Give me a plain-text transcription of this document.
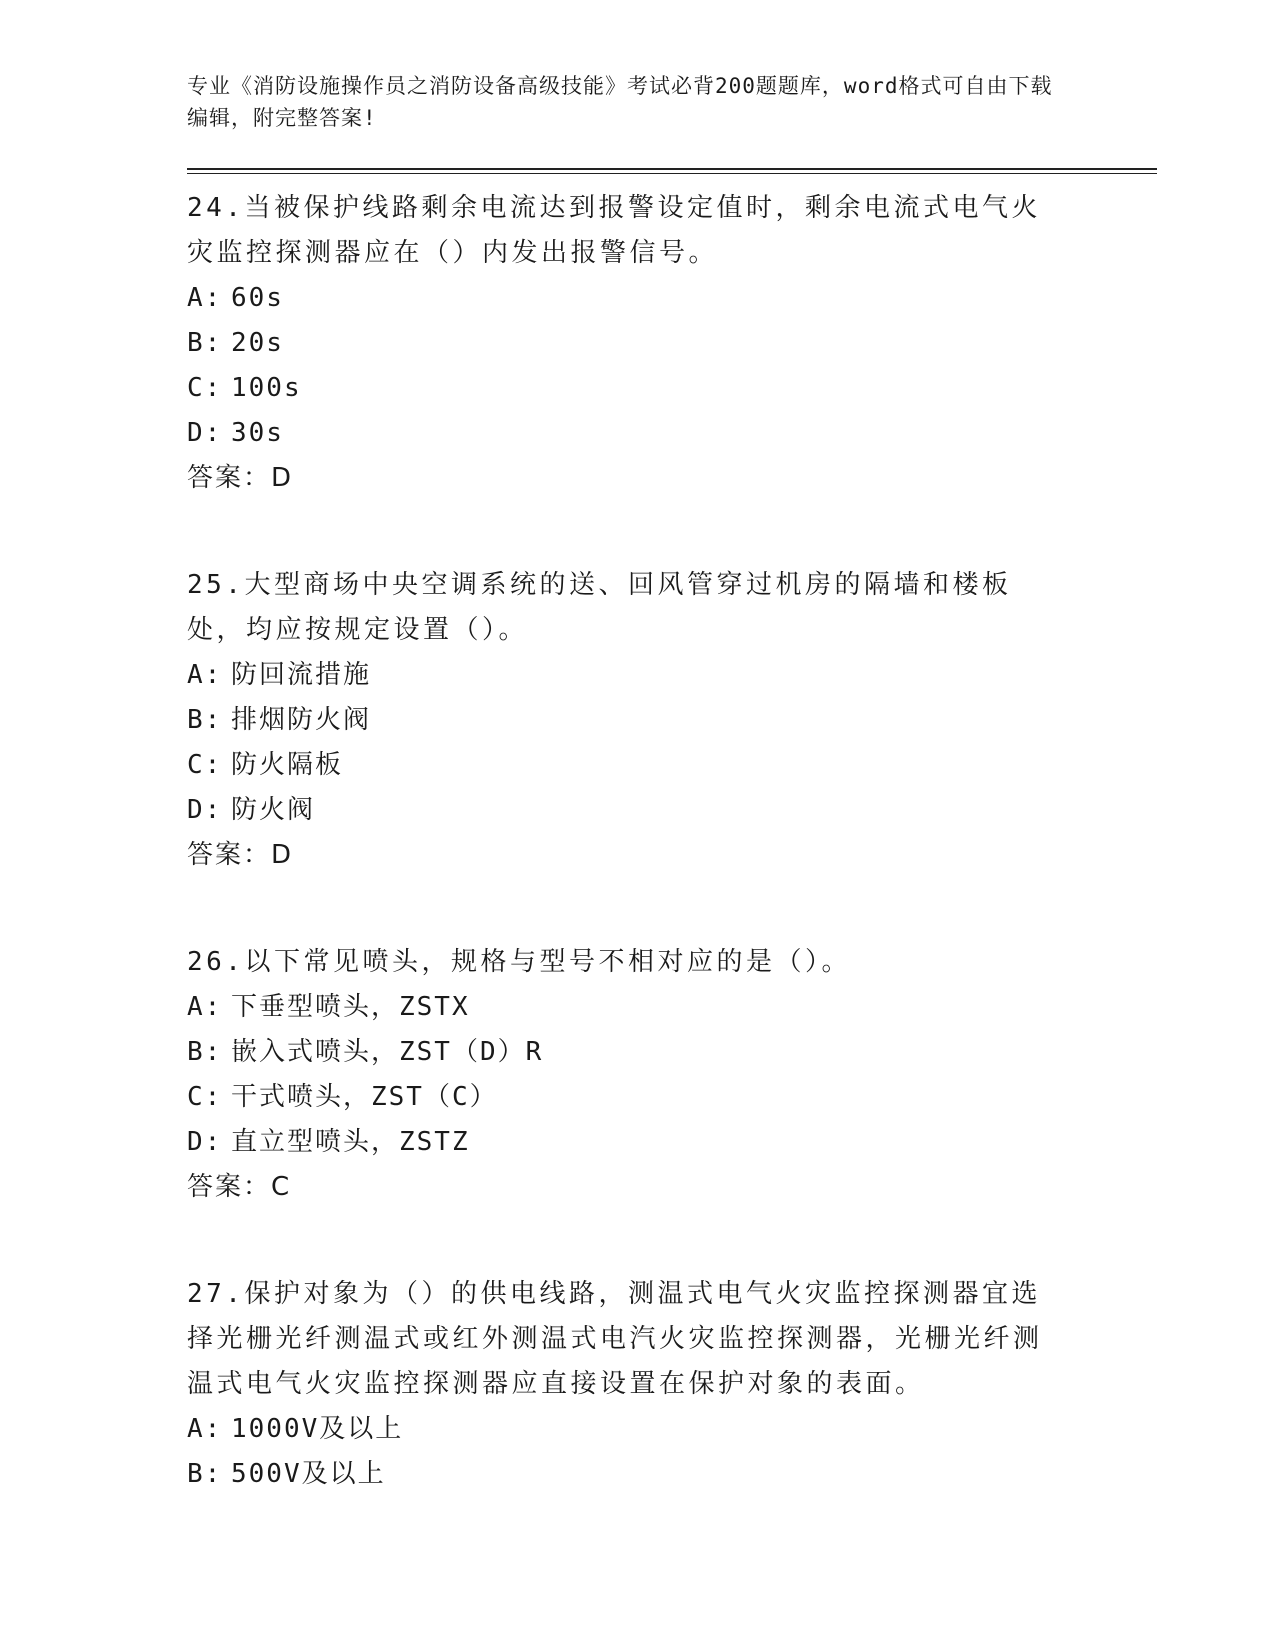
专业《消防设施操作员之消防设备高级技能》考试必背200题题库，word格式可自由下载编辑，附完整答案!
24.当被保护线路剩余电流达到报警设定值时，剩余电流式电气火灾监控探测器应在（）内发出报警信号。
A: 60s
B: 20s
C: 100s
D: 30s
答案：D
25.大型商场中央空调系统的送、回风管穿过机房的隔墙和楼板处，均应按规定设置（）。
A: 防回流措施
B: 排烟防火阀
C: 防火隔板
D: 防火阀
答案：D
26.以下常见喷头，规格与型号不相对应的是（）。
A: 下垂型喷头，ZSTX
B: 嵌入式喷头，ZST（D）R
C: 干式喷头，ZST（C）
D: 直立型喷头，ZSTZ
答案：C
27.保护对象为（）的供电线路，测温式电气火灾监控探测器宜选择光栅光纤测温式或红外测温式电汽火灾监控探测器，光栅光纤测温式电气火灾监控探测器应直接设置在保护对象的表面。
A: 1000V及以上
B: 500V及以上
